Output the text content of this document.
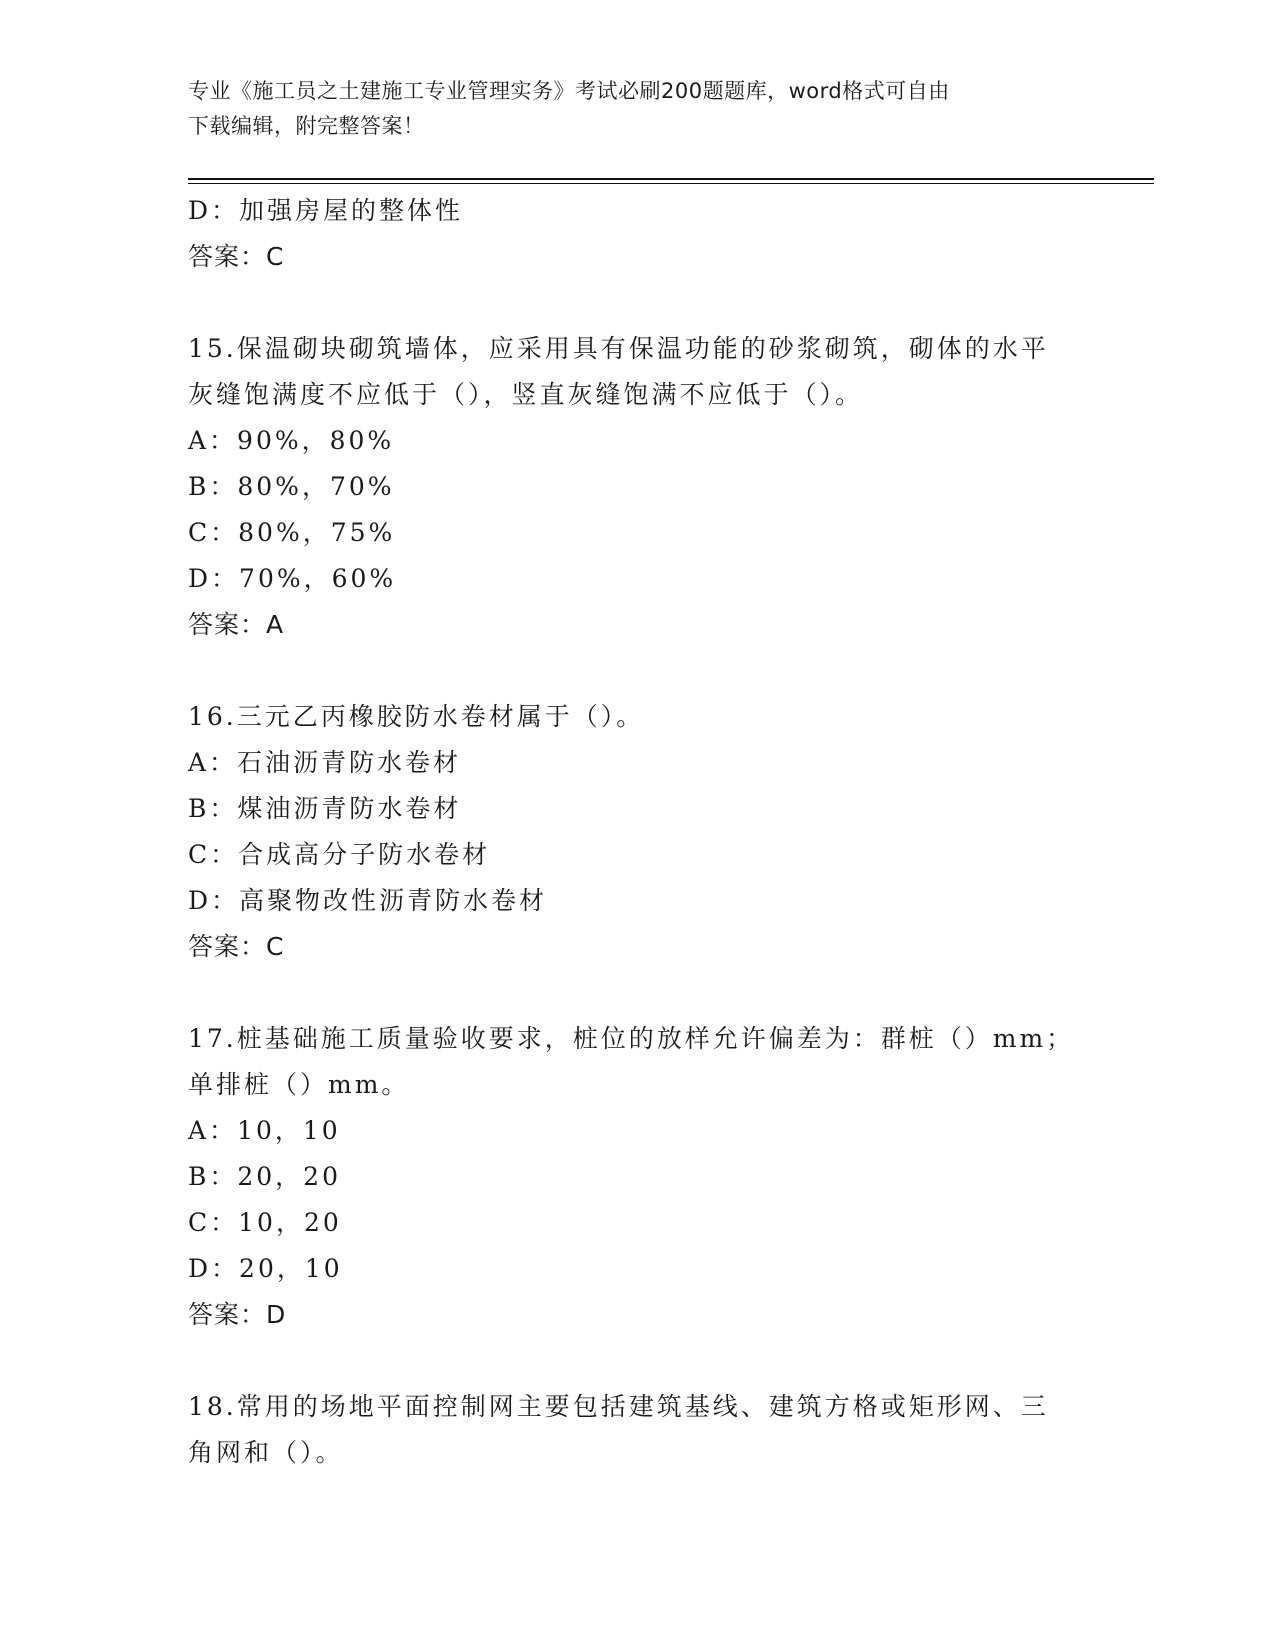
专业《施工员之土建施工专业管理实务》考试必刷200题题库，word格式可自由
下载编辑，附完整答案！
D：加强房屋的整体性
答案：C
15.保温砌块砌筑墙体，应采用具有保温功能的砂浆砌筑，砌体的水平
灰缝饱满度不应低于（），竖直灰缝饱满不应低于（）。
A：90%，80%
B：80%，70%
C：80%，75%
D：70%，60%
答案：A
16.三元乙丙橡胶防水卷材属于（）。
A：石油沥青防水卷材
B：煤油沥青防水卷材
C：合成高分子防水卷材
D：高聚物改性沥青防水卷材
答案：C
17.桩基础施工质量验收要求，桩位的放样允许偏差为：群桩（）mm；
单排桩（）mm。
A：10，10
B：20，20
C：10，20
D：20，10
答案：D
18.常用的场地平面控制网主要包括建筑基线、建筑方格或矩形网、三
角网和（）。
